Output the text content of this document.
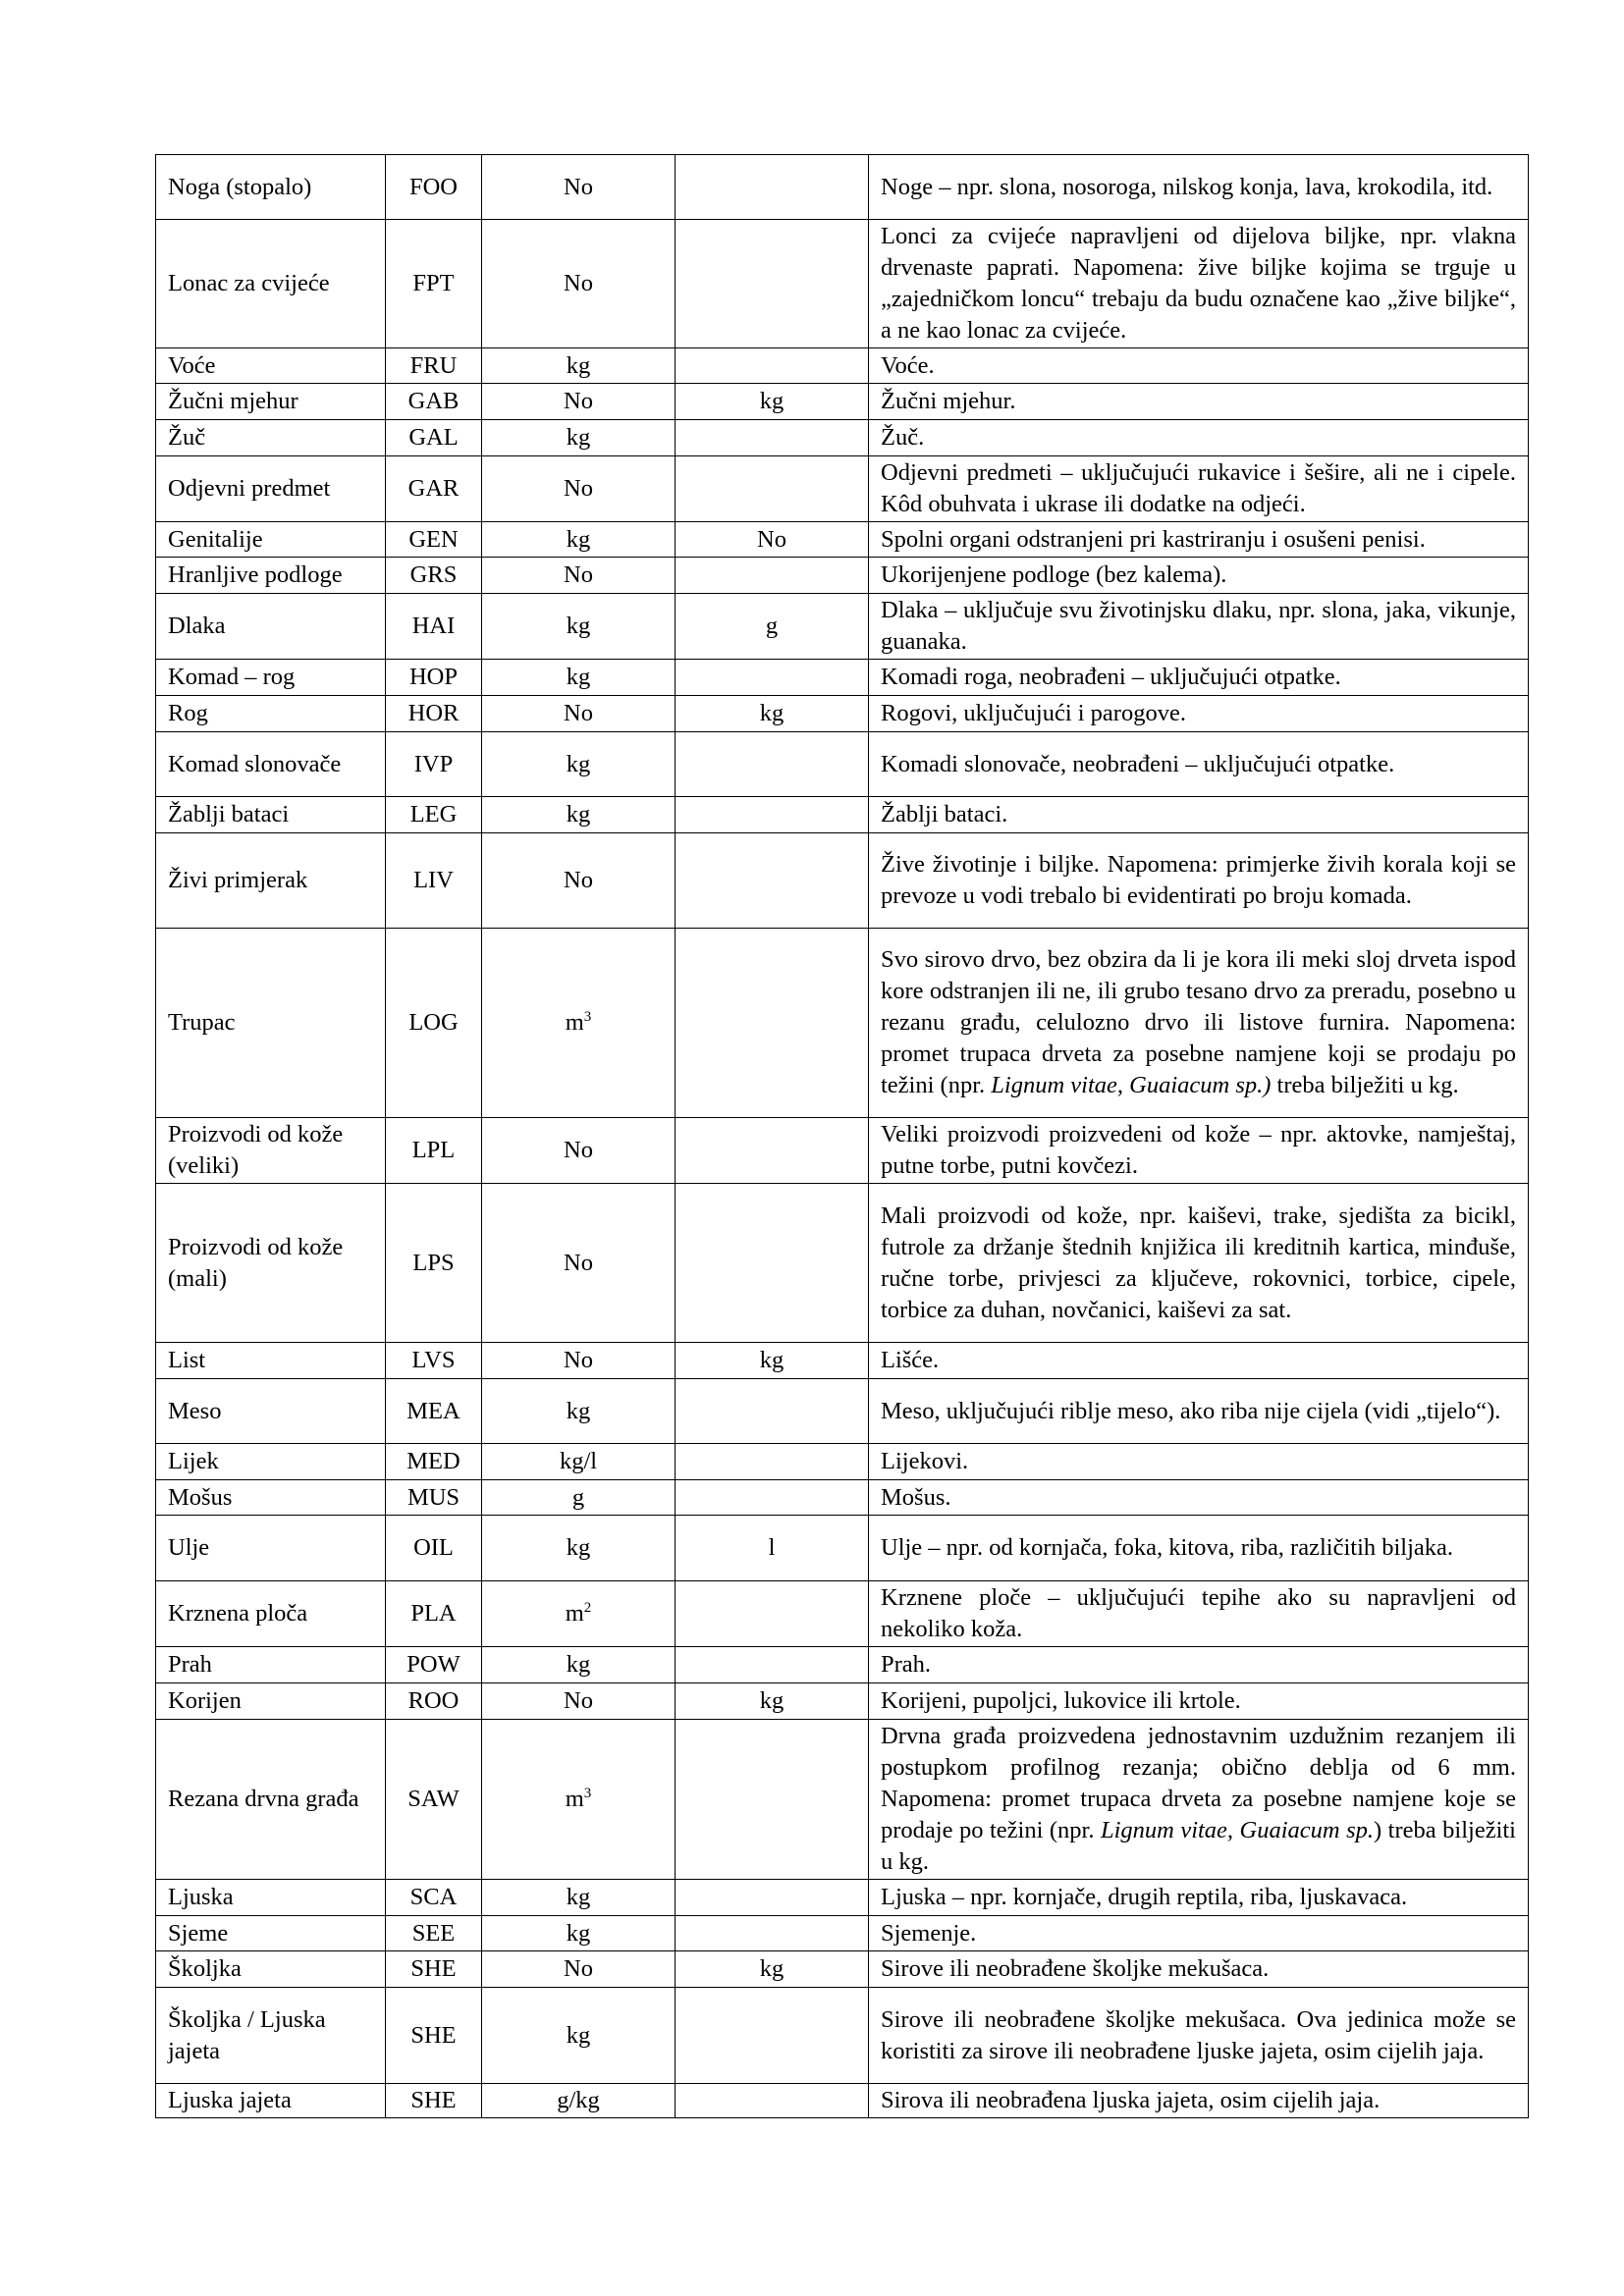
Noga (stopalo)	FOO	No		Noge – npr. slona, nosoroga, nilskog konja, lava, krokodila, itd.
Lonac za cvijeće	FPT	No		Lonci za cvijeće napravljeni od dijelova biljke, npr. vlakna drvenaste paprati. Napomena: žive biljke kojima se trguje u „zajedničkom loncu“ trebaju da budu označene kao „žive biljke“, a ne kao lonac za cvijeće.
Voće	FRU	kg		Voće.
Žučni mjehur	GAB	No	kg	Žučni mjehur.
Žuč	GAL	kg		Žuč.
Odjevni predmet	GAR	No		Odjevni predmeti – uključujući rukavice i šešire, ali ne i cipele. Kôd obuhvata i ukrase ili dodatke na odjeći.
Genitalije	GEN	kg	No	Spolni organi odstranjeni pri kastriranju i osušeni penisi.
Hranljive podloge	GRS	No		Ukorijenjene podloge (bez kalema).
Dlaka	HAI	kg	g	Dlaka – uključuje svu životinjsku dlaku, npr. slona, jaka, vikunje, guanaka.
Komad – rog	HOP	kg		Komadi roga, neobrađeni – uključujući otpatke.
Rog	HOR	No	kg	Rogovi, uključujući i parogove.
Komad slonovače	IVP	kg		Komadi slonovače, neobrađeni – uključujući otpatke.
Žablji bataci	LEG	kg		Žablji bataci.
Živi primjerak	LIV	No		Žive životinje i biljke. Napomena: primjerke živih korala koji se prevoze u vodi trebalo bi evidentirati po broju komada.
Trupac	LOG	$m^3$		Svo sirovo drvo, bez obzira da li je kora ili meki sloj drveta ispod kore odstranjen ili ne, ili grubo tesano drvo za preradu, posebno u rezanu građu, celulozno drvo ili listove furnira. Napomena: promet trupaca drveta za posebne namjene koji se prodaju po težini (npr. Lignum vitae, Guaiacum sp.) treba bilježiti u kg.
Proizvodi od kože (veliki)	LPL	No		Veliki proizvodi proizvedeni od kože – npr. aktovke, namještaj, putne torbe, putni kovčezi.
Proizvodi od kože (mali)	LPS	No		Mali proizvodi od kože, npr. kaiševi, trake, sjedišta za bicikl, futrole za držanje štednih knjižica ili kreditnih kartica, minđuše, ručne torbe, privjesci za ključeve, rokovnici, torbice, cipele, torbice za duhan, novčanici, kaiševi za sat.
List	LVS	No	kg	Lišće.
Meso	MEA	kg		Meso, uključujući riblje meso, ako riba nije cijela (vidi „tijelo“).
Lijek	MED	kg/l		Lijekovi.
Mošus	MUS	g		Mošus.
Ulje	OIL	kg	l	Ulje – npr. od kornjača, foka, kitova, riba, različitih biljaka.
Krznena ploča	PLA	$m^2$		Krznene ploče – uključujući tepihe ako su napravljeni od nekoliko koža.
Prah	POW	kg		Prah.
Korijen	ROO	No	kg	Korijeni, pupoljci, lukovice ili krtole.
Rezana drvna građa	SAW	$m^3$		Drvna građa proizvedena jednostavnim uzdužnim rezanjem ili postupkom profilnog rezanja; obično deblja od 6 mm. Napomena: promet trupaca drveta za posebne namjene koje se prodaje po težini (npr. Lignum vitae, Guaiacum sp.) treba bilježiti u kg.
Ljuska	SCA	kg		Ljuska – npr. kornjače, drugih reptila, riba, ljuskavaca.
Sjeme	SEE	kg		Sjemenje.
Školjka	SHE	No	kg	Sirove ili neobrađene školjke mekušaca.
Školjka / Ljuska jajeta	SHE	kg		Sirove ili neobrađene školjke mekušaca. Ova jedinica može se koristiti za sirove ili neobrađene ljuske jajeta, osim cijelih jaja.
Ljuska jajeta	SHE	g/kg		Sirova ili neobrađena ljuska jajeta, osim cijelih jaja.
